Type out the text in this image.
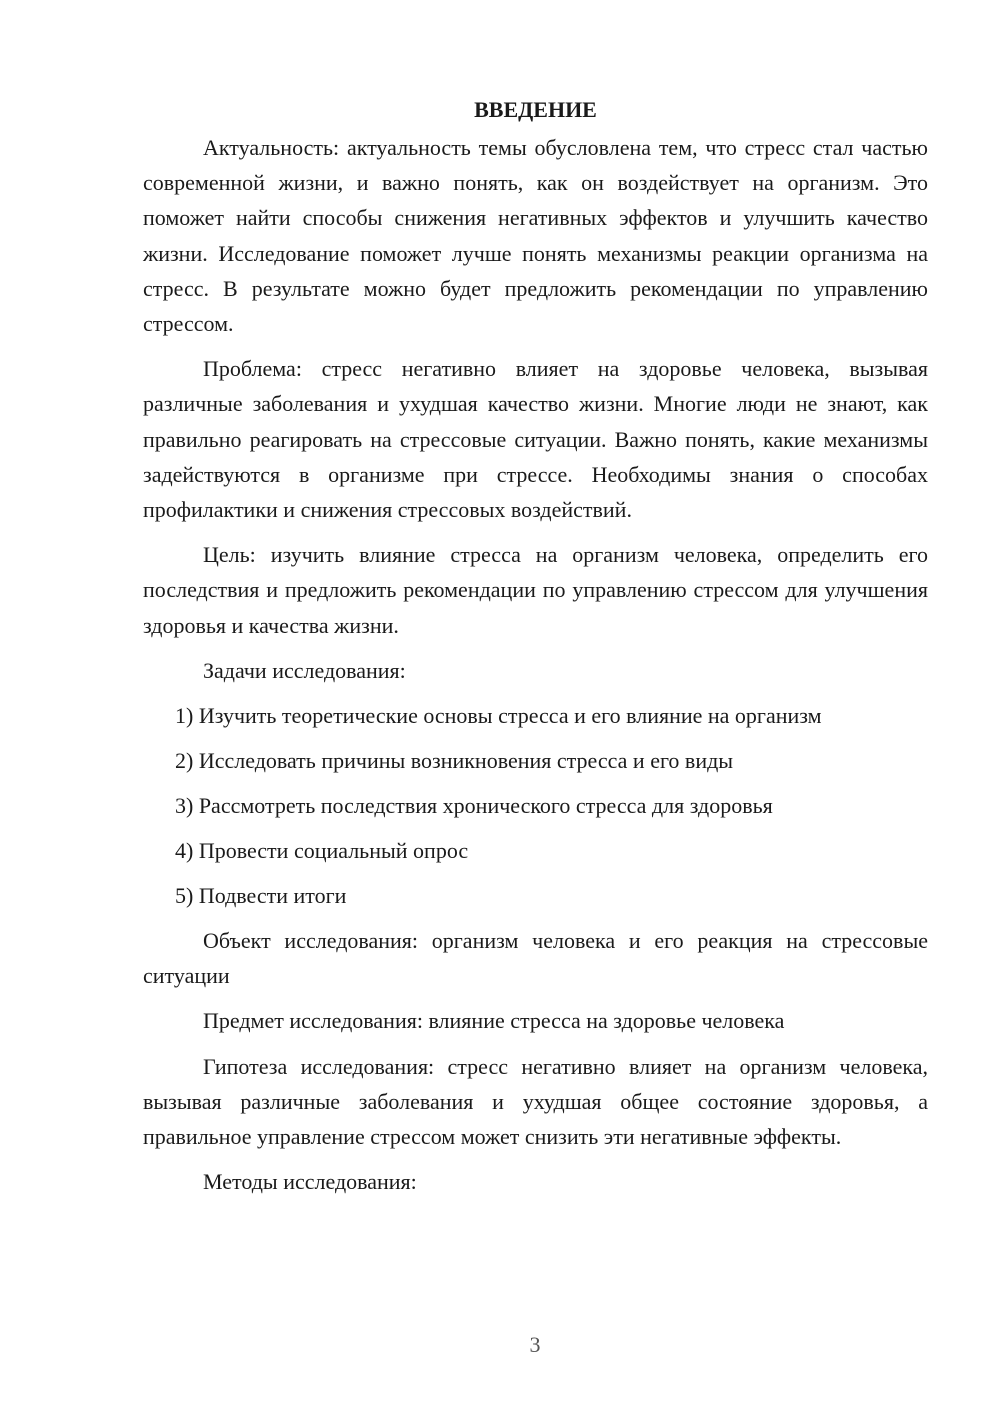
ВВЕДЕНИЕ

Актуальность: актуальность темы обусловлена тем, что стресс стал частью современной жизни, и важно понять, как он воздействует на организм. Это поможет найти способы снижения негативных эффектов и улучшить качество жизни. Исследование поможет лучше понять механизмы реакции организма на стресс. В результате можно будет предложить рекомендации по управлению стрессом.

Проблема: стресс негативно влияет на здоровье человека, вызывая различные заболевания и ухудшая качество жизни. Многие люди не знают, как правильно реагировать на стрессовые ситуации. Важно понять, какие механизмы задействуются в организме при стрессе. Необходимы знания о способах профилактики и снижения стрессовых воздействий.

Цель: изучить влияние стресса на организм человека, определить его последствия и предложить рекомендации по управлению стрессом для улучшения здоровья и качества жизни.

Задачи исследования:

1) Изучить теоретические основы стресса и его влияние на организм
2) Исследовать причины возникновения стресса и его виды
3) Рассмотреть последствия хронического стресса для здоровья
4) Провести социальный опрос
5) Подвести итоги

Объект исследования: организм человека и его реакция на стрессовые ситуации

Предмет исследования: влияние стресса на здоровье человека

Гипотеза исследования: стресс негативно влияет на организм человека, вызывая различные заболевания и ухудшая общее состояние здоровья, а правильное управление стрессом может снизить эти негативные эффекты.

Методы исследования:

3
